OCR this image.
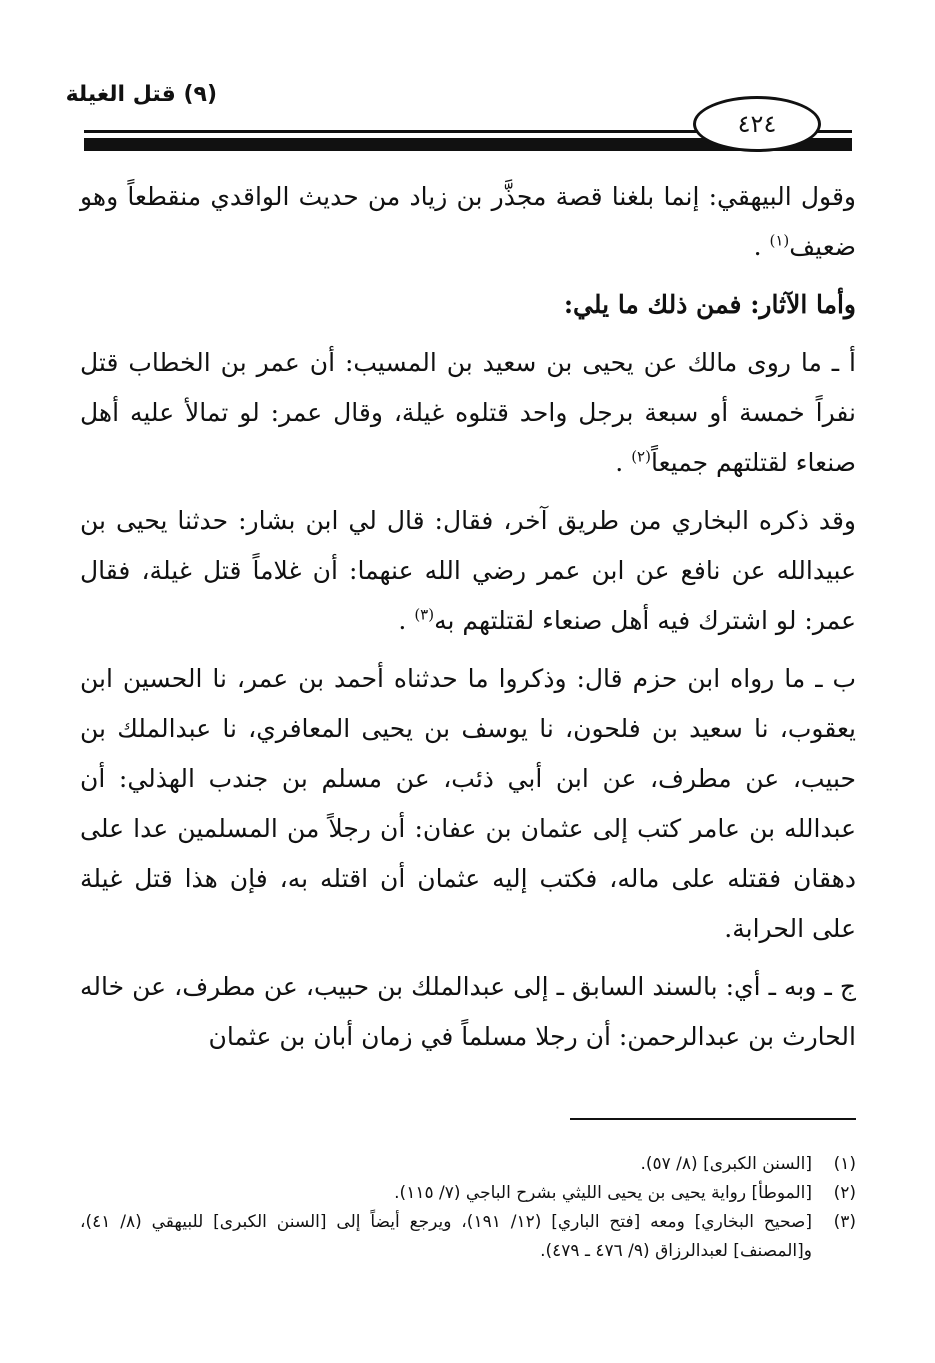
(٩) قتل الغيلة
٤٢٤

وقول البيهقي: إنما بلغنا قصة مجذَّر بن زياد من حديث الواقدي منقطعاً وهو ضعيف$^{(١)}$ .

وأما الآثار: فمن ذلك ما يلي:

أ ـ ما روى مالك عن يحيى بن سعيد بن المسيب: أن عمر بن الخطاب قتل نفراً خمسة أو سبعة برجل واحد قتلوه غيلة، وقال عمر: لو تمالأ عليه أهل صنعاء لقتلتهم جميعاً$^{(٢)}$ .

وقد ذكره البخاري من طريق آخر، فقال: قال لي ابن بشار: حدثنا يحيى بن عبيدالله عن نافع عن ابن عمر رضي الله عنهما: أن غلاماً قتل غيلة، فقال عمر: لو اشترك فيه أهل صنعاء لقتلتهم به$^{(٣)}$ .

ب ـ ما رواه ابن حزم قال: وذكروا ما حدثناه أحمد بن عمر، نا الحسين ابن يعقوب، نا سعيد بن فلحون، نا يوسف بن يحيى المعافري، نا عبدالملك بن حبيب، عن مطرف، عن ابن أبي ذئب، عن مسلم بن جندب الهذلي: أن عبدالله بن عامر كتب إلى عثمان بن عفان: أن رجلاً من المسلمين عدا على دهقان فقتله على ماله، فكتب إليه عثمان أن اقتله به، فإن هذا قتل غيلة على الحرابة.

ج ـ وبه ـ أي: بالسند السابق ـ إلى عبدالملك بن حبيب، عن مطرف، عن خاله الحارث بن عبدالرحمن: أن رجلا مسلماً في زمان أبان بن عثمان

(١)
[السنن الكبرى] (٨/ ٥٧).
(٢)
[الموطأ] رواية يحيى بن يحيى الليثي بشرح الباجي (٧/ ١١٥).
(٣)
[صحيح البخاري] ومعه [فتح الباري] (١٢/ ١٩١)، ويرجع أيضاً إلى [السنن الكبرى] للبيهقي (٨/ ٤١)، و[المصنف] لعبدالرزاق (٩/ ٤٧٦ ـ ٤٧٩).
